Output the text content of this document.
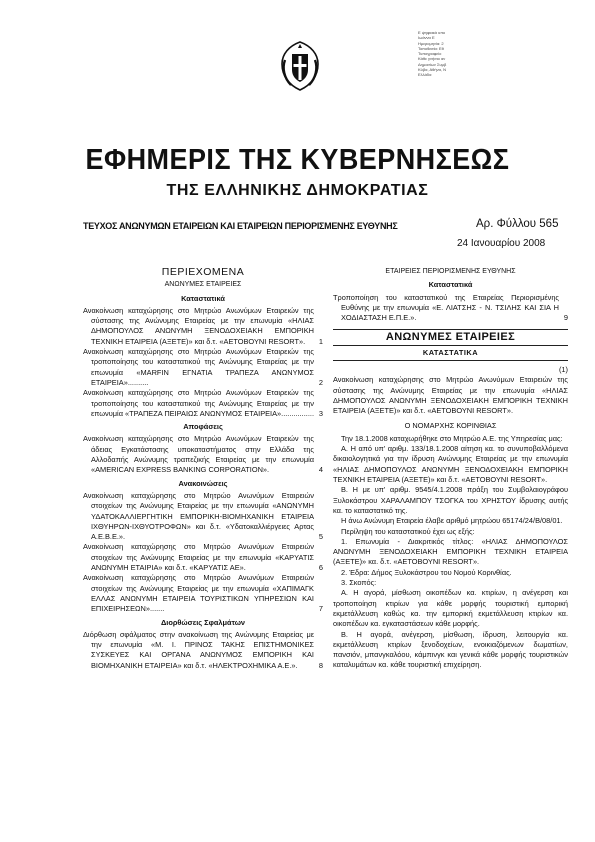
Ε ψηφιακά υπο
Ιωάννα Ε
Ημερομηνία: 2
Τοποθεσία: Εθ
Τυπογραφείο
Κάθε γνήσιο αν
Δημοσίων Συμβ
Κύβα, Αθήνα, Ν
Ελλάδα
ΕΦΗΜΕΡΙΣ ΤΗΣ ΚΥΒΕΡΝΗΣΕΩΣ
ΤΗΣ ΕΛΛΗΝΙΚΗΣ ΔΗΜΟΚΡΑΤΙΑΣ
ΤΕΥΧΟΣ ΑΝΩΝΥΜΩΝ ΕΤΑΙΡΕΙΩΝ ΚΑΙ ΕΤΑΙΡΕΙΩΝ ΠΕΡΙΟΡΙΣΜΕΝΗΣ ΕΥΘΥΝΗΣ	Αρ. Φύλλου 565
24 Ιανουαρίου 2008
ΠΕΡΙΕΧΟΜΕΝΑ
ΑΝΩΝΥΜΕΣ ΕΤΑΙΡΕΙΕΣ
Καταστατικά
Ανακοίνωση καταχώρησης στο Μητρώο Ανωνύμων Εταιρειών της σύστασης της Ανώνυμης Εταιρείας με την επωνυμία «ΗΛΙΑΣ ΔΗΜΟΠΟΥΛΟΣ ΑΝΩΝΥΜΗ ΞΕΝΟΔΟΧΕΙΑΚΗ ΕΜΠΟΡΙΚΗ ΤΕΧΝΙΚΗ ΕΤΑΙΡΕΙΑ (ΑΞΕΤΕ)» και δ.τ. «ΑΕΤΟΒΟΥΝΙ RESORT».	1
Ανακοίνωση καταχώρησης στο Μητρώο Ανωνύμων Εταιρειών της τροποποίησης του καταστατικού της Ανώνυμης Εταιρείας με την επωνυμία «MARFIN ΕΓΝΑΤΙΑ ΤΡΑΠΕΖΑ ΑΝΩΝΥΜΟΣ ΕΤΑΙΡΕΙΑ»..........	2
Ανακοίνωση καταχώρησης στο Μητρώο Ανωνύμων Εταιρειών της τροποποίησης του καταστατικού της Ανώνυμης Εταιρείας με την επωνυμία «ΤΡΑΠΕΖΑ ΠΕΙΡΑΙΩΣ ΑΝΩΝΥΜΟΣ ΕΤΑΙΡΕΙΑ»................ 3
Αποφάσεις
Ανακοίνωση καταχώρησης στο Μητρώο Ανωνύμων Εταιρειών της άδειας Εγκατάστασης υποκαταστήματος στην Ελλάδα της Αλλοδαπής Ανώνυμης τραπεζικής Εταιρείας με την επωνυμία «AMERICAN EXPRESS BANKING CORPORATION».	4
Ανακοινώσεις
Ανακοίνωση καταχώρησης στο Μητρώο Ανωνύμων Εταιρειών στοιχείων της Ανώνυμης Εταιρείας με την επωνυμία «ΑΝΩΝΥΜΗ ΥΔΑΤΟΚΑΛΛΙΕΡΓΗΤΙΚΗ ΕΜΠΟΡΙΚΗ-ΒΙΟΜΗΧΑΝΙΚΗ ΕΤΑΙΡΕΙΑ ΙΧΘΥΗΡΩΝ-ΙΧΘΥΟΤΡΟΦΩΝ» και δ.τ. «Υδατοκαλλιέργειες Αρτας Α.Ε.Β.Ε.».	5
Ανακοίνωση καταχώρησης στο Μητρώο Ανωνύμων Εταιρειών στοιχείων της Ανώνυμης Εταιρείας με την επωνυμία «ΚΑΡΥΑΤΙΣ ΑΝΩΝΥΜΗ ΕΤΑΙΡΙΑ» και δ.τ. «ΚΑΡΥΑΤΙΣ ΑΕ».	6
Ανακοίνωση καταχώρησης στο Μητρώο Ανωνύμων Εταιρειών στοιχείων της Ανώνυμης Εταιρείας με την επωνυμία «ΧΑΠΙΜΑΓΚ ΕΛΛΑΣ ΑΝΩΝΥΜΗ ΕΤΑΙΡΕΙΑ ΤΟΥΡΙΣΤΙΚΩΝ ΥΠΗΡΕΣΙΩΝ ΚΑΙ ΕΠΙΧΕΙΡΗΣΕΩΝ».......	7
Διορθώσεις Σφαλμάτων
Διόρθωση σφάλματος στην ανακοίνωση της Ανώνυμης Εταιρείας με την επωνυμία «Μ. Ι. ΠΡΙΝΟΣ ΤΑΚΗΣ ΕΠΙΣΤΗΜΟΝΙΚΕΣ ΣΥΣΚΕΥΕΣ ΚΑΙ ΟΡΓΑΝΑ ΑΝΩΝΥΜΟΣ ΕΜΠΟΡΙΚΗ ΚΑΙ ΒΙΟΜΗΧΑΝΙΚΗ ΕΤΑΙΡΕΙΑ» και δ.τ. «ΗΛΕΚΤΡΟΧΗΜΙΚΑ Α.Ε.».	8
ΕΤΑΙΡΕΙΕΣ ΠΕΡΙΟΡΙΣΜΕΝΗΣ ΕΥΘΥΝΗΣ
Καταστατικά
Τροποποίηση του καταστατικού της Εταιρείας Περιορισμένης Ευθύνης με την επωνυμία «Ε. ΛΙΑΤΣΗΣ - Ν. ΤΣΙΛΗΣ ΚΑΙ ΣΙΑ Η ΧΟΔΙΑΣΤΑΣΗ Ε.Π.Ε.».	9
ΑΝΩΝΥΜΕΣ ΕΤΑΙΡΕΙΕΣ
ΚΑΤΑΣΤΑΤΙΚΑ
(1)
Ανακοίνωση καταχώρησης στο Μητρώο Ανωνύμων Εταιρειών της σύστασης της Ανώνυμης Εταιρείας με την επωνυμία «ΗΛΙΑΣ ΔΗΜΟΠΟΥΛΟΣ ΑΝΩΝΥΜΗ ΞΕΝΟΔΟΧΕΙΑΚΗ ΕΜΠΟΡΙΚΗ ΤΕΧΝΙΚΗ ΕΤΑΙΡΕΙΑ (ΑΞΕΤΕ)» και δ.τ. «ΑΕΤΟΒΟΥΝΙ RESORT».
Ο ΝΟΜΑΡΧΗΣ ΚΟΡΙΝΘΙΑΣ

Την 18.1.2008 καταχωρήθηκε στο Μητρώο Α.Ε. της Υπηρεσίας μας:

Α. Η από υπ' αριθμ. 133/18.1.2008 αίτηση κα. το συνυποβαλλόμενα δικαιολογητικά για την ίδρυση Ανώνυμης Εταιρείας με την επωνυμία «ΗΛΙΑΣ ΔΗΜΟΠΟΥΛΟΣ ΑΝΩΝΥΜΗ ΞΕΝΟΔΟΧΕΙΑΚΗ ΕΜΠΟΡΙΚΗ ΤΕΧΝΙΚΗ ΕΤΑΙΡΕΙΑ (ΑΞΕΤΕ)» και δ.τ. «ΑΕΤΟΒΟΥΝΙ RESORT».

Β. Η με υπ' αριθμ. 9545/4.1.2008 πράξη του Συμβολαιογράφου Ξυλοκάστρου ΧΑΡΑΛΑΜΠΟΥ ΤΣΟΓΚΑ του ΧΡΗΣΤΟΥ ίδρυσης αυτής κα. το καταστατικό της.

Η άνω Ανώνυμη Εταιρεία έλαβε αριθμό μητρώου 65174/24/Β/08/01.

Περίληψη του καταστατικού έχει ως εξής:

1. Επωνυμία - Διακριτικός τίτλος: «ΗΛΙΑΣ ΔΗΜΟΠΟΥΛΟΣ ΑΝΩΝΥΜΗ ΞΕΝΟΔΟΧΕΙΑΚΗ ΕΜΠΟΡΙΚΗ ΤΕΧΝΙΚΗ ΕΤΑΙΡΕΙΑ (ΑΞΕΤΕ)» κα. δ.τ. «ΑΕΤΟΒΟΥΝΙ RESORT».

2. Έδρα: Δήμος Ξυλοκάστρου του Νομού Κορινθίας.

3. Σκοπός:

Α. Η αγορά, μίσθωση οικοπέδων κα. κτιρίων, η ανέγερση και τροποποίηση κτιρίων για κάθε μορφής τουριστική εμπορική εκμετάλλευση καθώς κα. την εμπορική εκμετάλλευση κτιρίων κα. οικοπέδων κα. εγκαταστάσεων κάθε μορφής.

Β. Η αγορά, ανέγερση, μίσθωση, ίδρυση, λειτουργία κα. εκμετάλλευση κτιρίων ξενοδοχείων, ενοικιαζόμενων δωματίων, πανσιόν, μπανγκαλόου, κάμπινγκ και γενικά κάθε μορφής τουριστικών καταλυμάτων κα. κάθε τουριστική επιχείρηση.
